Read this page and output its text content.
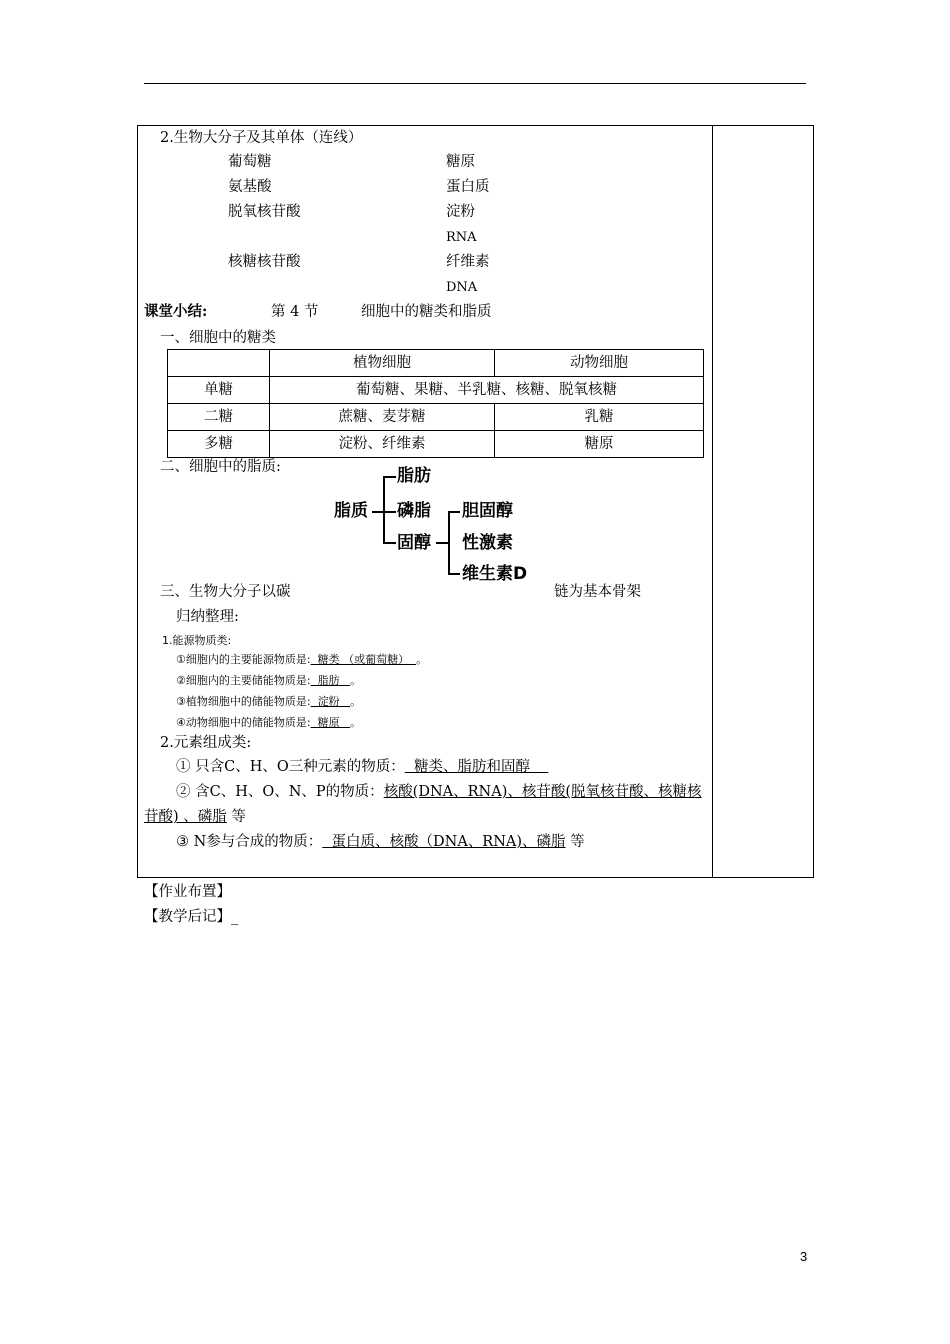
2.生物大分子及其单体（连线）
葡萄糖
氨基酸
脱氧核苷酸
核糖核苷酸
糖原
蛋白质
淀粉
RNA
纤维素
DNA
课堂小结:	第 4 节	细胞中的糖类和脂质
一、细胞中的糖类
	植物细胞	动物细胞
单糖	葡萄糖、果糖、半乳糖、核糖、脱氧核糖	
二糖	蔗糖、麦芽糖	乳糖
多糖	淀粉、纤维素	糖原
二、细胞中的脂质:
脂质
脂肪
磷脂
固醇
胆固醇
性激素
维生素D
三、生物大分子以碳	链为基本骨架
归纳整理:
1.能源物质类:
①细胞内的主要能源物质是:  糖类 （或葡萄糖）  。
②细胞内的主要储能物质是:  脂肪   。
③植物细胞中的储能物质是:  淀粉   。
④动物细胞中的储能物质是:  糖原   。
2.元素组成类:
① 只含C、H、O三种元素的物质：  糖类、脂肪和固醇
② 含C、H、O、N、P的物质：核酸(DNA、RNA)、核苷酸(脱氧核苷酸、核糖核
苷酸) 、磷脂 等
③ N参与合成的物质：  蛋白质、核酸（DNA、RNA)、磷脂 等
【作业布置】
【教学后记】_
3
